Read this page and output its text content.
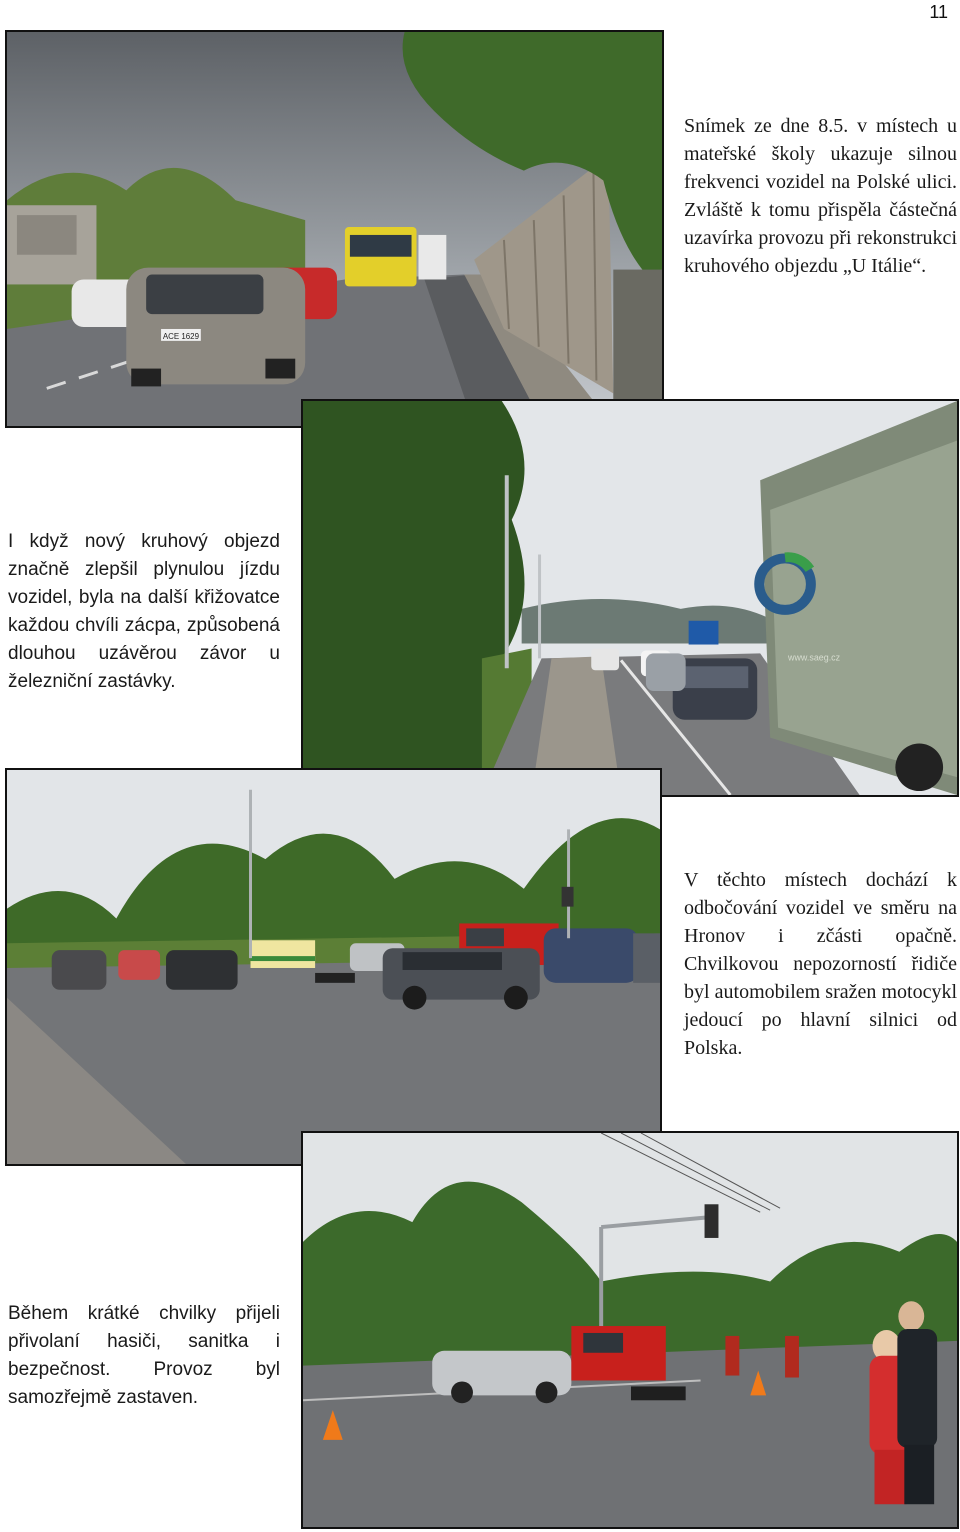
11
ACE 1629
www.saeg.cz
Snímek ze dne 8.5. v místech u mateřské školy ukazuje silnou frekvenci vozidel na Polské ulici. Zvláště k tomu přispěla částečná uzavírka provozu při rekonstrukci kruhového objezdu „U Itálie“.
I když nový kruhový objezd značně zlepšil plynulou jízdu vozidel, byla na další křižovatce každou chvíli zácpa, způsobená dlouhou uzávěrou závor u železniční zastávky.
V těchto místech dochází k odbočování vozidel ve směru na Hronov i zčásti opačně. Chvilkovou nepozorností řidiče byl automobilem sražen motocykl jedoucí po hlavní silnici od Polska.
Během krátké chvilky přijeli přivolaní hasiči, sanitka i bezpečnost. Provoz byl samozřejmě zastaven.
